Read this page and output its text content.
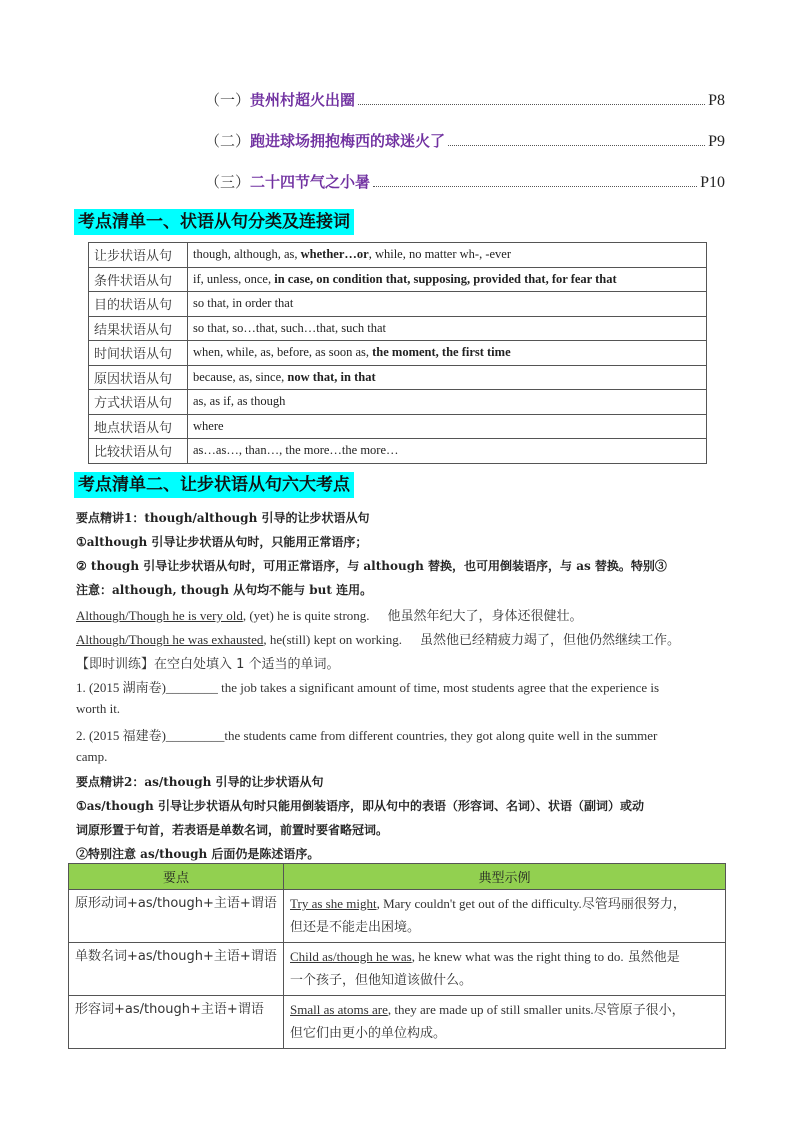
（一） 贵州村超火出圈	P8
（二） 跑进球场拥抱梅西的球迷火了	P9
（三） 二十四节气之小暑	P10
考点清单一、状语从句分类及连接词
让步状语从句	though, although, as, whether…or, while, no matter wh-, -ever
条件状语从句	if, unless, once, in case, on condition that, supposing, provided that, for fear that
目的状语从句	so that, in order that
结果状语从句	so that, so…that, such…that, such that
时间状语从句	when, while, as, before, as soon as, the moment, the first time
原因状语从句	because, as, since, now that, in that
方式状语从句	as, as if, as though
地点状语从句	where
比较状语从句	as…as…, than…, the more…the more…
考点清单二、让步状语从句六大考点
要点精讲1：though/although 引导的让步状语从句
①although 引导让步状语从句时，只能用正常语序；
② though 引导让步状语从句时，可用正常语序，与 although 替换，也可用倒装语序，与 as 替换。特别③
注意：although, though 从句均不能与 but 连用。
Although/Though he is very old, (yet) he is quite strong. 他虽然年纪大了，身体还很健壮。
Although/Though he was exhausted, he(still) kept on working. 虽然他已经精疲力竭了，但他仍然继续工作。
【即时训练】在空白处填入 1 个适当的单词。
1. (2015 湖南卷)________ the job takes a significant amount of time, most students agree that the experience is
worth it.
2. (2015 福建卷)_________the students came from different countries, they got along quite well in the summer
camp.
要点精讲2：as/though 引导的让步状语从句
①as/though 引导让步状语从句时只能用倒装语序，即从句中的表语（形容词、名词）、状语（副词）或动
词原形置于句首，若表语是单数名词，前置时要省略冠词。
②特别注意 as/though 后面仍是陈述语序。
要点	典型示例
原形动词+as/though+主语+谓语	Try as she might, Mary couldn't get out of the difficulty.尽管玛丽很努力，
但还是不能走出困境。
单数名词+as/though+主语+谓语	Child as/though he was, he knew what was the right thing to do. 虽然他是
一个孩子，但他知道该做什么。
形容词+as/though+主语+谓语	Small as atoms are, they are made up of still smaller units.尽管原子很小，
但它们由更小的单位构成。
